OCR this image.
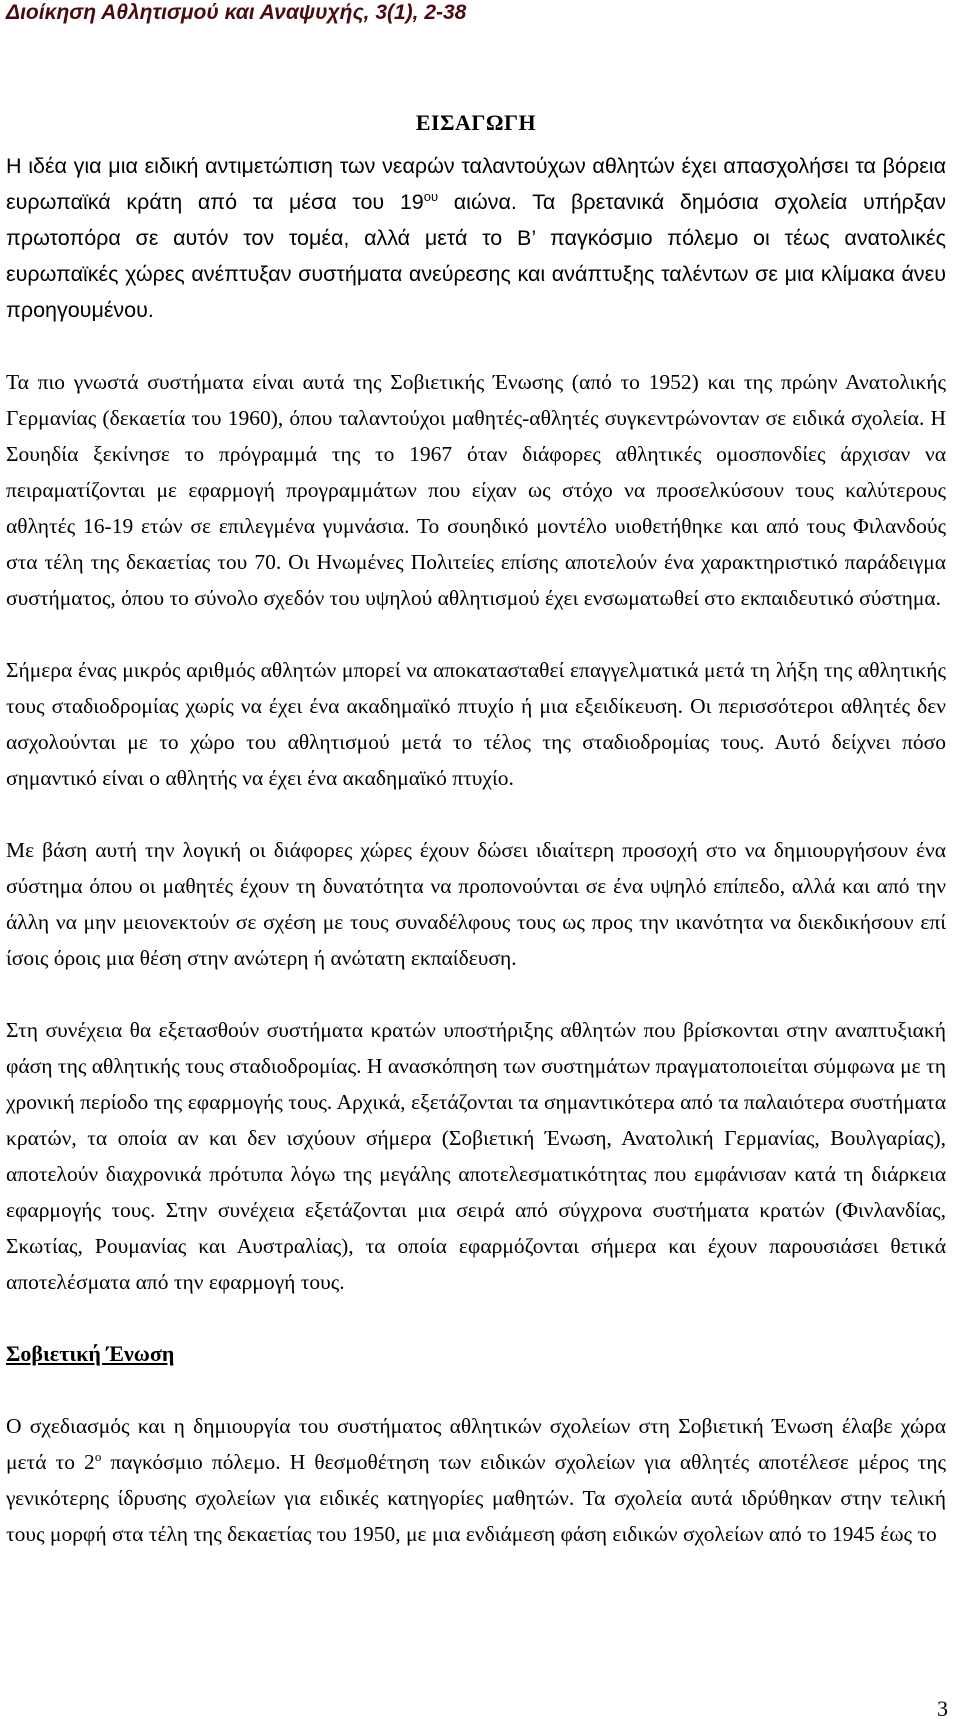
Διοίκηση Αθλητισμού και Αναψυχής, 3(1), 2-38
ΕΙΣΑΓΩΓΗ

Η ιδέα για μια ειδική αντιμετώπιση των νεαρών ταλαντούχων αθλητών έχει απασχολήσει τα βόρεια ευρωπαϊκά κράτη από τα μέσα του $19^{o\upsilon}$ αιώνα. Τα βρετανικά δημόσια σχολεία υπήρξαν πρωτοπόρα σε αυτόν τον τομέα, αλλά μετά το Β’ παγκόσμιο πόλεμο οι τέως ανατολικές ευρωπαϊκές χώρες ανέπτυξαν συστήματα ανεύρεσης και ανάπτυξης ταλέντων σε μια κλίμακα άνευ προηγουμένου.

Τα πιο γνωστά συστήματα είναι αυτά της Σοβιετικής Ένωσης (από το 1952) και της πρώην Ανατολικής Γερμανίας (δεκαετία του 1960), όπου ταλαντούχοι μαθητές-αθλητές συγκεντρώνονταν σε ειδικά σχολεία. Η Σουηδία ξεκίνησε το πρόγραμμά της το 1967 όταν διάφορες αθλητικές ομοσπονδίες άρχισαν να πειραματίζονται με εφαρμογή προγραμμάτων που είχαν ως στόχο να προσελκύσουν τους καλύτερους αθλητές 16-19 ετών σε επιλεγμένα γυμνάσια. Το σουηδικό μοντέλο υιοθετήθηκε και από τους Φιλανδούς στα τέλη της δεκαετίας του 70. Οι Ηνωμένες Πολιτείες επίσης αποτελούν ένα χαρακτηριστικό παράδειγμα συστήματος, όπου το σύνολο σχεδόν του υψηλού αθλητισμού έχει ενσωματωθεί στο εκπαιδευτικό σύστημα.

Σήμερα ένας μικρός αριθμός αθλητών μπορεί να αποκατασταθεί επαγγελματικά μετά τη λήξη της αθλητικής τους σταδιοδρομίας χωρίς να έχει ένα ακαδημαϊκό πτυχίο ή μια εξειδίκευση. Οι περισσότεροι αθλητές δεν ασχολούνται με το χώρο του αθλητισμού μετά το τέλος της σταδιοδρομίας τους. Αυτό δείχνει πόσο σημαντικό είναι ο αθλητής να έχει ένα ακαδημαϊκό πτυχίο.

Με βάση αυτή την λογική οι διάφορες χώρες έχουν δώσει ιδιαίτερη προσοχή στο να δημιουργήσουν ένα σύστημα όπου οι μαθητές έχουν τη δυνατότητα να προπονούνται σε ένα υψηλό επίπεδο, αλλά και από την άλλη να μην μειονεκτούν σε σχέση με τους συναδέλφους τους ως προς την ικανότητα να διεκδικήσουν επί ίσοις όροις μια θέση στην ανώτερη ή ανώτατη εκπαίδευση.

Στη συνέχεια θα εξετασθούν συστήματα κρατών υποστήριξης αθλητών που βρίσκονται στην αναπτυξιακή φάση της αθλητικής τους σταδιοδρομίας. Η ανασκόπηση των συστημάτων πραγματοποιείται σύμφωνα με τη χρονική περίοδο της εφαρμογής τους. Αρχικά, εξετάζονται τα σημαντικότερα από τα παλαιότερα συστήματα κρατών, τα οποία αν και δεν ισχύουν σήμερα (Σοβιετική Ένωση, Ανατολική Γερμανίας, Βουλγαρίας), αποτελούν διαχρονικά πρότυπα λόγω της μεγάλης αποτελεσματικότητας που εμφάνισαν κατά τη διάρκεια εφαρμογής τους. Στην συνέχεια εξετάζονται μια σειρά από σύγχρονα συστήματα κρατών (Φινλανδίας, Σκωτίας, Ρουμανίας και Αυστραλίας), τα οποία εφαρμόζονται σήμερα και έχουν παρουσιάσει θετικά αποτελέσματα από την εφαρμογή τους.

Σοβιετική Ένωση

Ο σχεδιασμός και η δημιουργία του συστήματος αθλητικών σχολείων στη Σοβιετική Ένωση έλαβε χώρα μετά το $2^o$ παγκόσμιο πόλεμο. Η θεσμοθέτηση των ειδικών σχολείων για αθλητές αποτέλεσε μέρος της γενικότερης ίδρυσης σχολείων για ειδικές κατηγορίες μαθητών. Τα σχολεία αυτά ιδρύθηκαν στην τελική τους μορφή στα τέλη της δεκαετίας του 1950, με μια ενδιάμεση φάση ειδικών σχολείων από το 1945 έως το

3
